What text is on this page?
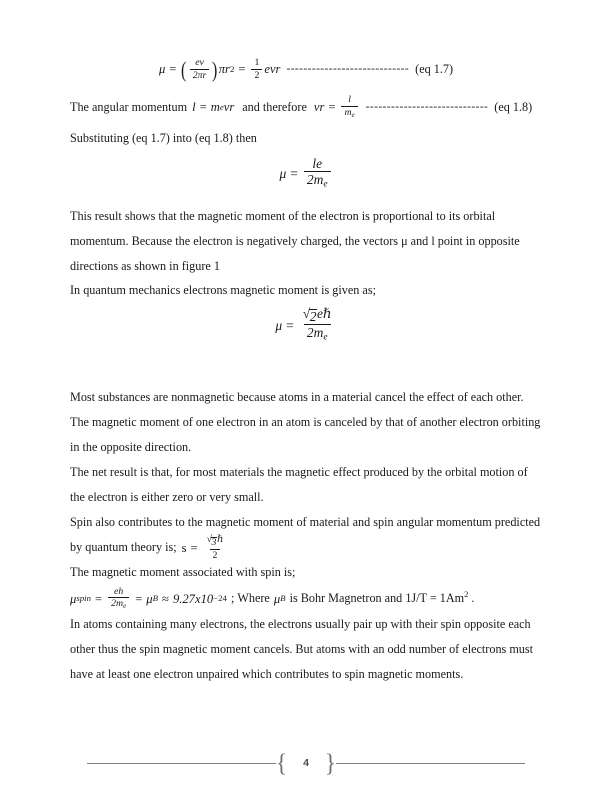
μ = ( $\frac{ev}{2\pi r}$ ) πr $2 = \frac{1}{2}$ evr ----------------------------- (eq 1.7)
The angular momentum l = m e vr and therefore vr = $\frac{l}{m_e}$ ----------------------------- (eq 1.8)

Substituting (eq 1.7) into (eq 1.8) then

$\mu = \frac{le}{2m_e}$

This result shows that the magnetic moment of the electron is proportional to its orbital

momentum. Because the electron is negatively charged, the vectors μ and l point in opposite

directions as shown in figure 1

In quantum mechanics electrons magnetic moment is given as;

$\mu = \frac{\text{√ 2 eℏ}}{2m_e}$

Most substances are nonmagnetic because atoms in a material cancel the effect of each other.

The magnetic moment of one electron in an atom is canceled by that of another electron orbiting

in the opposite direction.

The net result is that, for most materials the magnetic effect produced by the orbital motion of

the electron is either zero or very small.

Spin also contributes to the magnetic moment of material and spin angular momentum predicted

by quantum theory is; $s = \frac{\text{√ 3 ℏ}}{2}$

The magnetic moment associated with spin is;

μ spin = $\frac{eh}{2m_e} = \mu$ B ≈ 9.27x10 −24 ; Where μ B is Bohr Magnetron and 1J/T = 1Am 2 .

In atoms containing many electrons, the electrons usually pair up with their spin opposite each

other thus the spin magnetic moment cancels. But atoms with an odd number of electrons must

have at least one electron unpaired which contributes to spin magnetic moments.

{	4 }
